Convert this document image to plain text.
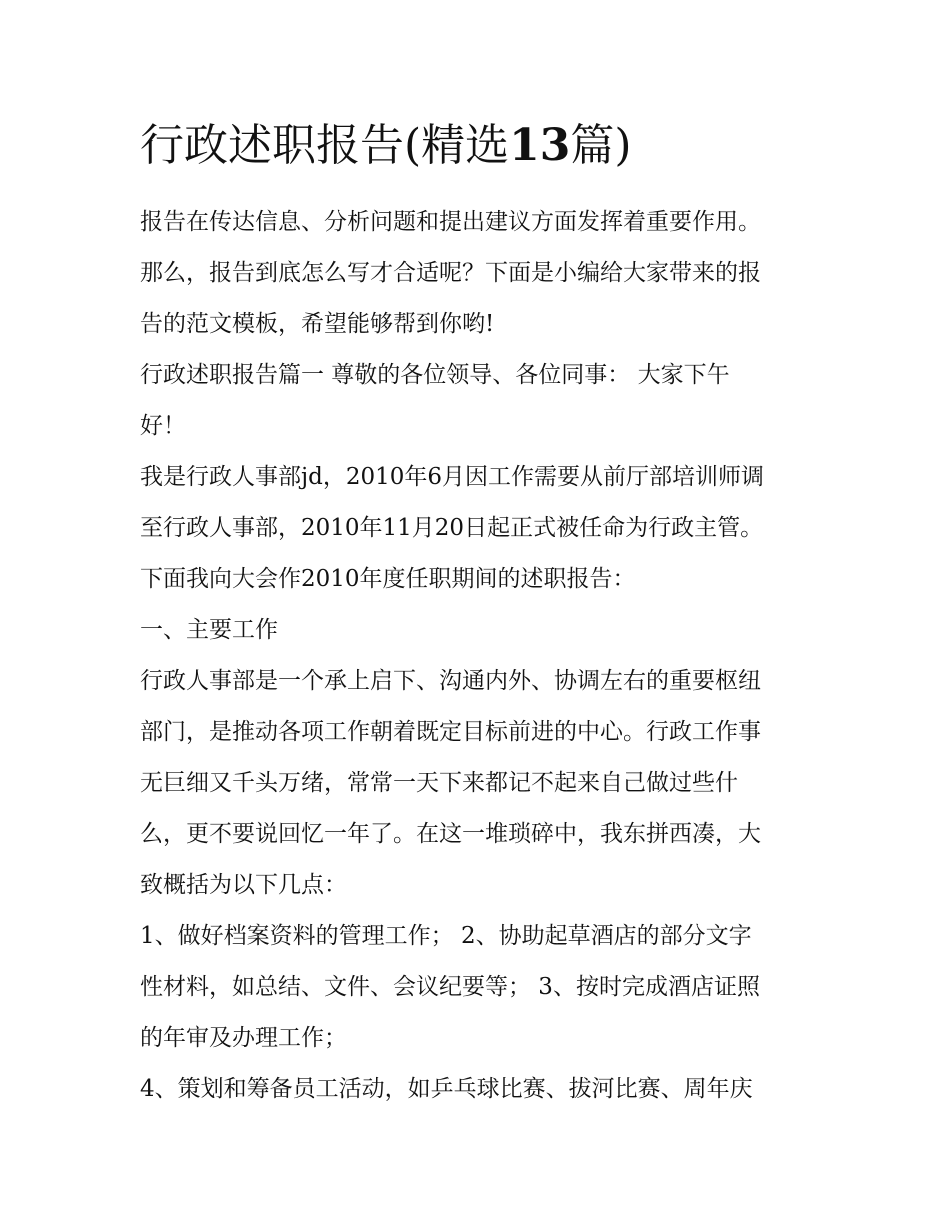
行政述职报告(精选13篇)

报告在传达信息、分析问题和提出建议方面发挥着重要作用。

那么，报告到底怎么写才合适呢？下面是小编给大家带来的报

告的范文模板，希望能够帮到你哟!

行政述职报告篇一 尊敬的各位领导、各位同事： 大家下午

好！

我是行政人事部jd，2010年6月因工作需要从前厅部培训师调

至行政人事部，2010年11月20日起正式被任命为行政主管。

下面我向大会作2010年度任职期间的述职报告：

一、主要工作

行政人事部是一个承上启下、沟通内外、协调左右的重要枢纽

部门，是推动各项工作朝着既定目标前进的中心。行政工作事

无巨细又千头万绪，常常一天下来都记不起来自己做过些什

么，更不要说回忆一年了。在这一堆琐碎中，我东拼西凑，大

致概括为以下几点：

1、做好档案资料的管理工作； 2、协助起草酒店的部分文字

性材料，如总结、文件、会议纪要等； 3、按时完成酒店证照

的年审及办理工作；

4、策划和筹备员工活动，如乒乓球比赛、拔河比赛、周年庆
